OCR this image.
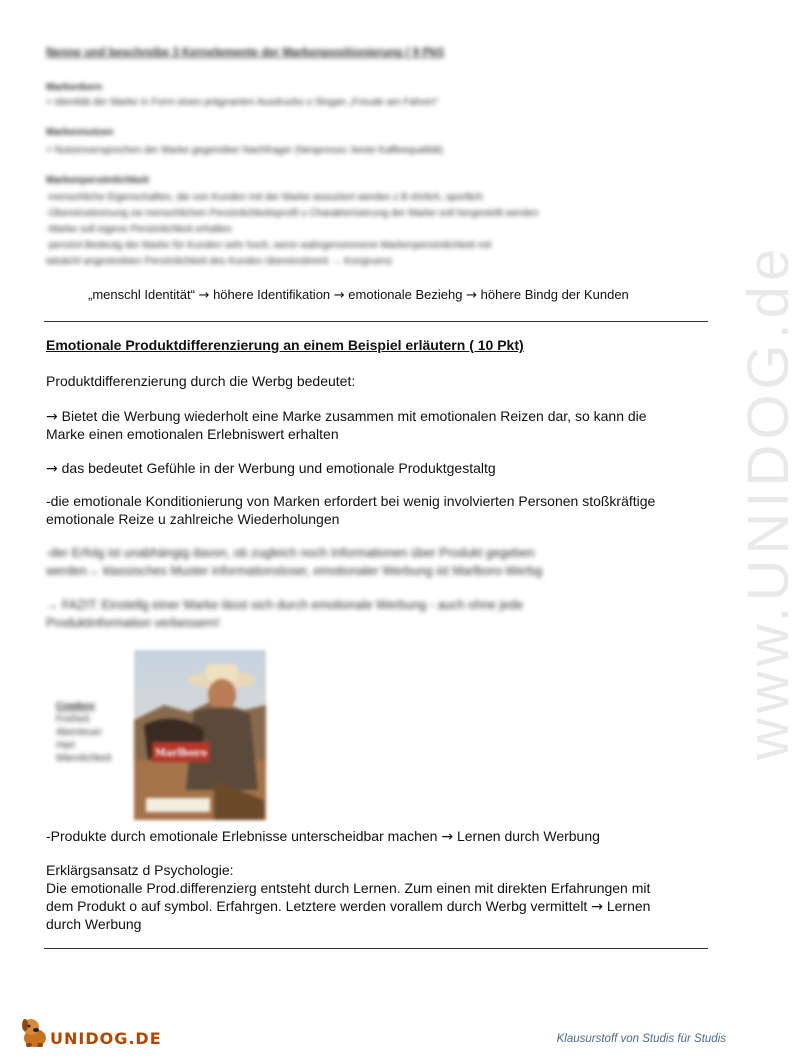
www.UNIDOG.de
Nenne und beschreibe 3 Kernelemente der Markenpositionierung ( 9 Pkt)
Markenkern
= Identität der Marke in Form eines prägnanten Ausdrucks o Slogan „Freude am Fahren“
Markennutzen
= Nutzenversprechen der Marke gegenüber Nachfrager (Nespresso: beste Kaffeequalität)
Markenpersönlichkeit
-menschliche Eigenschaften, die von Kunden mit der Marke assoziiert werden z B ehrlich, sportlich
-Übereinstimmung zw menschlichen Persönlichkeitsprofil u Charakterisierung der Marke soll hergestellt werden
-Marke soll eigene Persönlichkeit erhalten
-persönl Bedeutg der Marke für Kunden sehr hoch, wenn wahrgenommene Markenpersönlichkeit mit
tatsächl angestrebten Persönlichkeit des Kunden übereinstimmt → Kongruenz
„menschl Identität“ → höhere Identifikation → emotionale Beziehg → höhere Bindg der Kunden
Emotionale Produktdifferenzierung an einem Beispiel erläutern ( 10 Pkt)
Produktdifferenzierung durch die Werbg bedeutet:
→ Bietet die Werbung wiederholt eine Marke zusammen mit emotionalen Reizen dar, so kann die
Marke einen emotionalen Erlebniswert erhalten
→ das bedeutet Gefühle in der Werbung und emotionale Produktgestaltg
-die emotionale Konditionierung von Marken erfordert bei wenig involvierten Personen stoßkräftige
emotionale Reize u zahlreiche Wiederholungen
-der Erfolg ist unabhängig davon, ob zugleich noch Informationen über Produkt gegeben
werden→ klassisches Muster informationsloser, emotionaler Werbung ist Marlboro-Werbg
→ FAZIT: Einstellg einer Marke lässt sich durch emotionale Werbung - auch ohne jede
Produktinformation verbessern!
Cowboy
Freiheit
Abenteuer
Hart
Männlichkeit	Marlboro
-Produkte durch emotionale Erlebnisse unterscheidbar machen → Lernen durch Werbung
Erklärgsansatz d Psychologie:
Die emotionalle Prod.differenzierg entsteht durch Lernen. Zum einen mit direkten Erfahrungen mit
dem Produkt o auf symbol. Erfahrgen. Letztere werden vorallem durch Werbg vermittelt → Lernen
durch Werbung
UNIDOG.DE	Klausurstoff von Studis für Studis
